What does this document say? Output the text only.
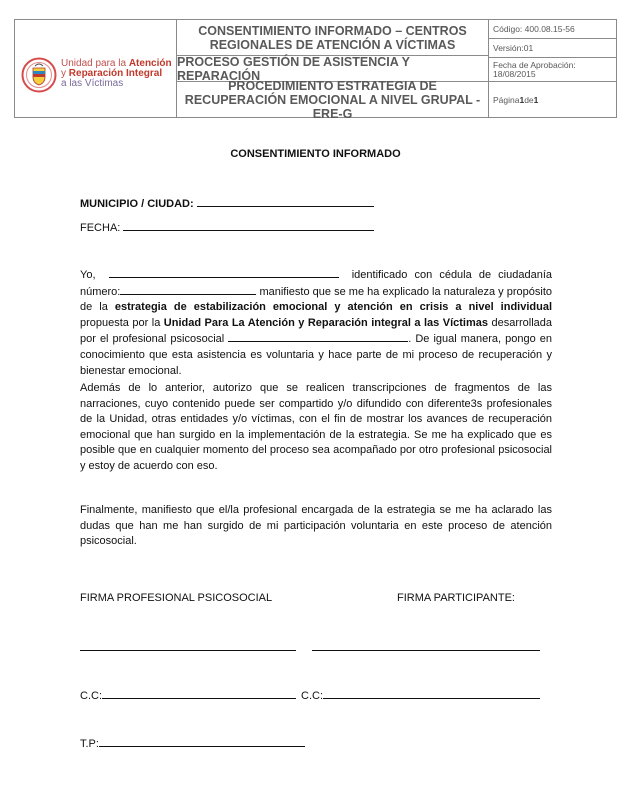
Unidad para la Atención
y Reparación Integral
a las Víctimas
CONSENTIMIENTO INFORMADO – CENTROS REGIONALES DE ATENCIÓN A VÍCTIMAS
PROCESO GESTIÓN DE ASISTENCIA Y REPARACIÓN
PROCEDIMIENTO ESTRATEGIA DE RECUPERACIÓN EMOCIONAL A NIVEL GRUPAL -ERE-G
Código: 400.08.15-56
Versión:01
Fecha de Aprobación:
18/08/2015
Página 1 de 1
CONSENTIMIENTO INFORMADO
MUNICIPIO / CIUDAD:
FECHA:
Yo,	identificado con cédula de ciudadanía número:	manifiesto que se me ha explicado la naturaleza y propósito de la estrategia de estabilización emocional y atención en crisis a nivel individual propuesta por la Unidad Para La Atención y Reparación integral a las Víctimas desarrollada por el profesional psicosocial	. De igual manera, pongo en conocimiento que esta asistencia es voluntaria y hace parte de mi proceso de recuperación y bienestar emocional.
Además de lo anterior, autorizo que se realicen transcripciones de fragmentos de las narraciones, cuyo contenido puede ser compartido y/o difundido con diferente3s profesionales de la Unidad, otras entidades y/o víctimas, con el fin de mostrar los avances de recuperación emocional que han surgido en la implementación de la estrategia. Se me ha explicado que es posible que en cualquier momento del proceso sea acompañado por otro profesional psicosocial y estoy de acuerdo con eso.
Finalmente, manifiesto que el/la profesional encargada de la estrategia se me ha aclarado las dudas que han me han surgido de mi participación voluntaria en este proceso de atención psicosocial.
FIRMA PROFESIONAL PSICOSOCIAL	FIRMA PARTICIPANTE:
C.C:	C.C:
T.P:
